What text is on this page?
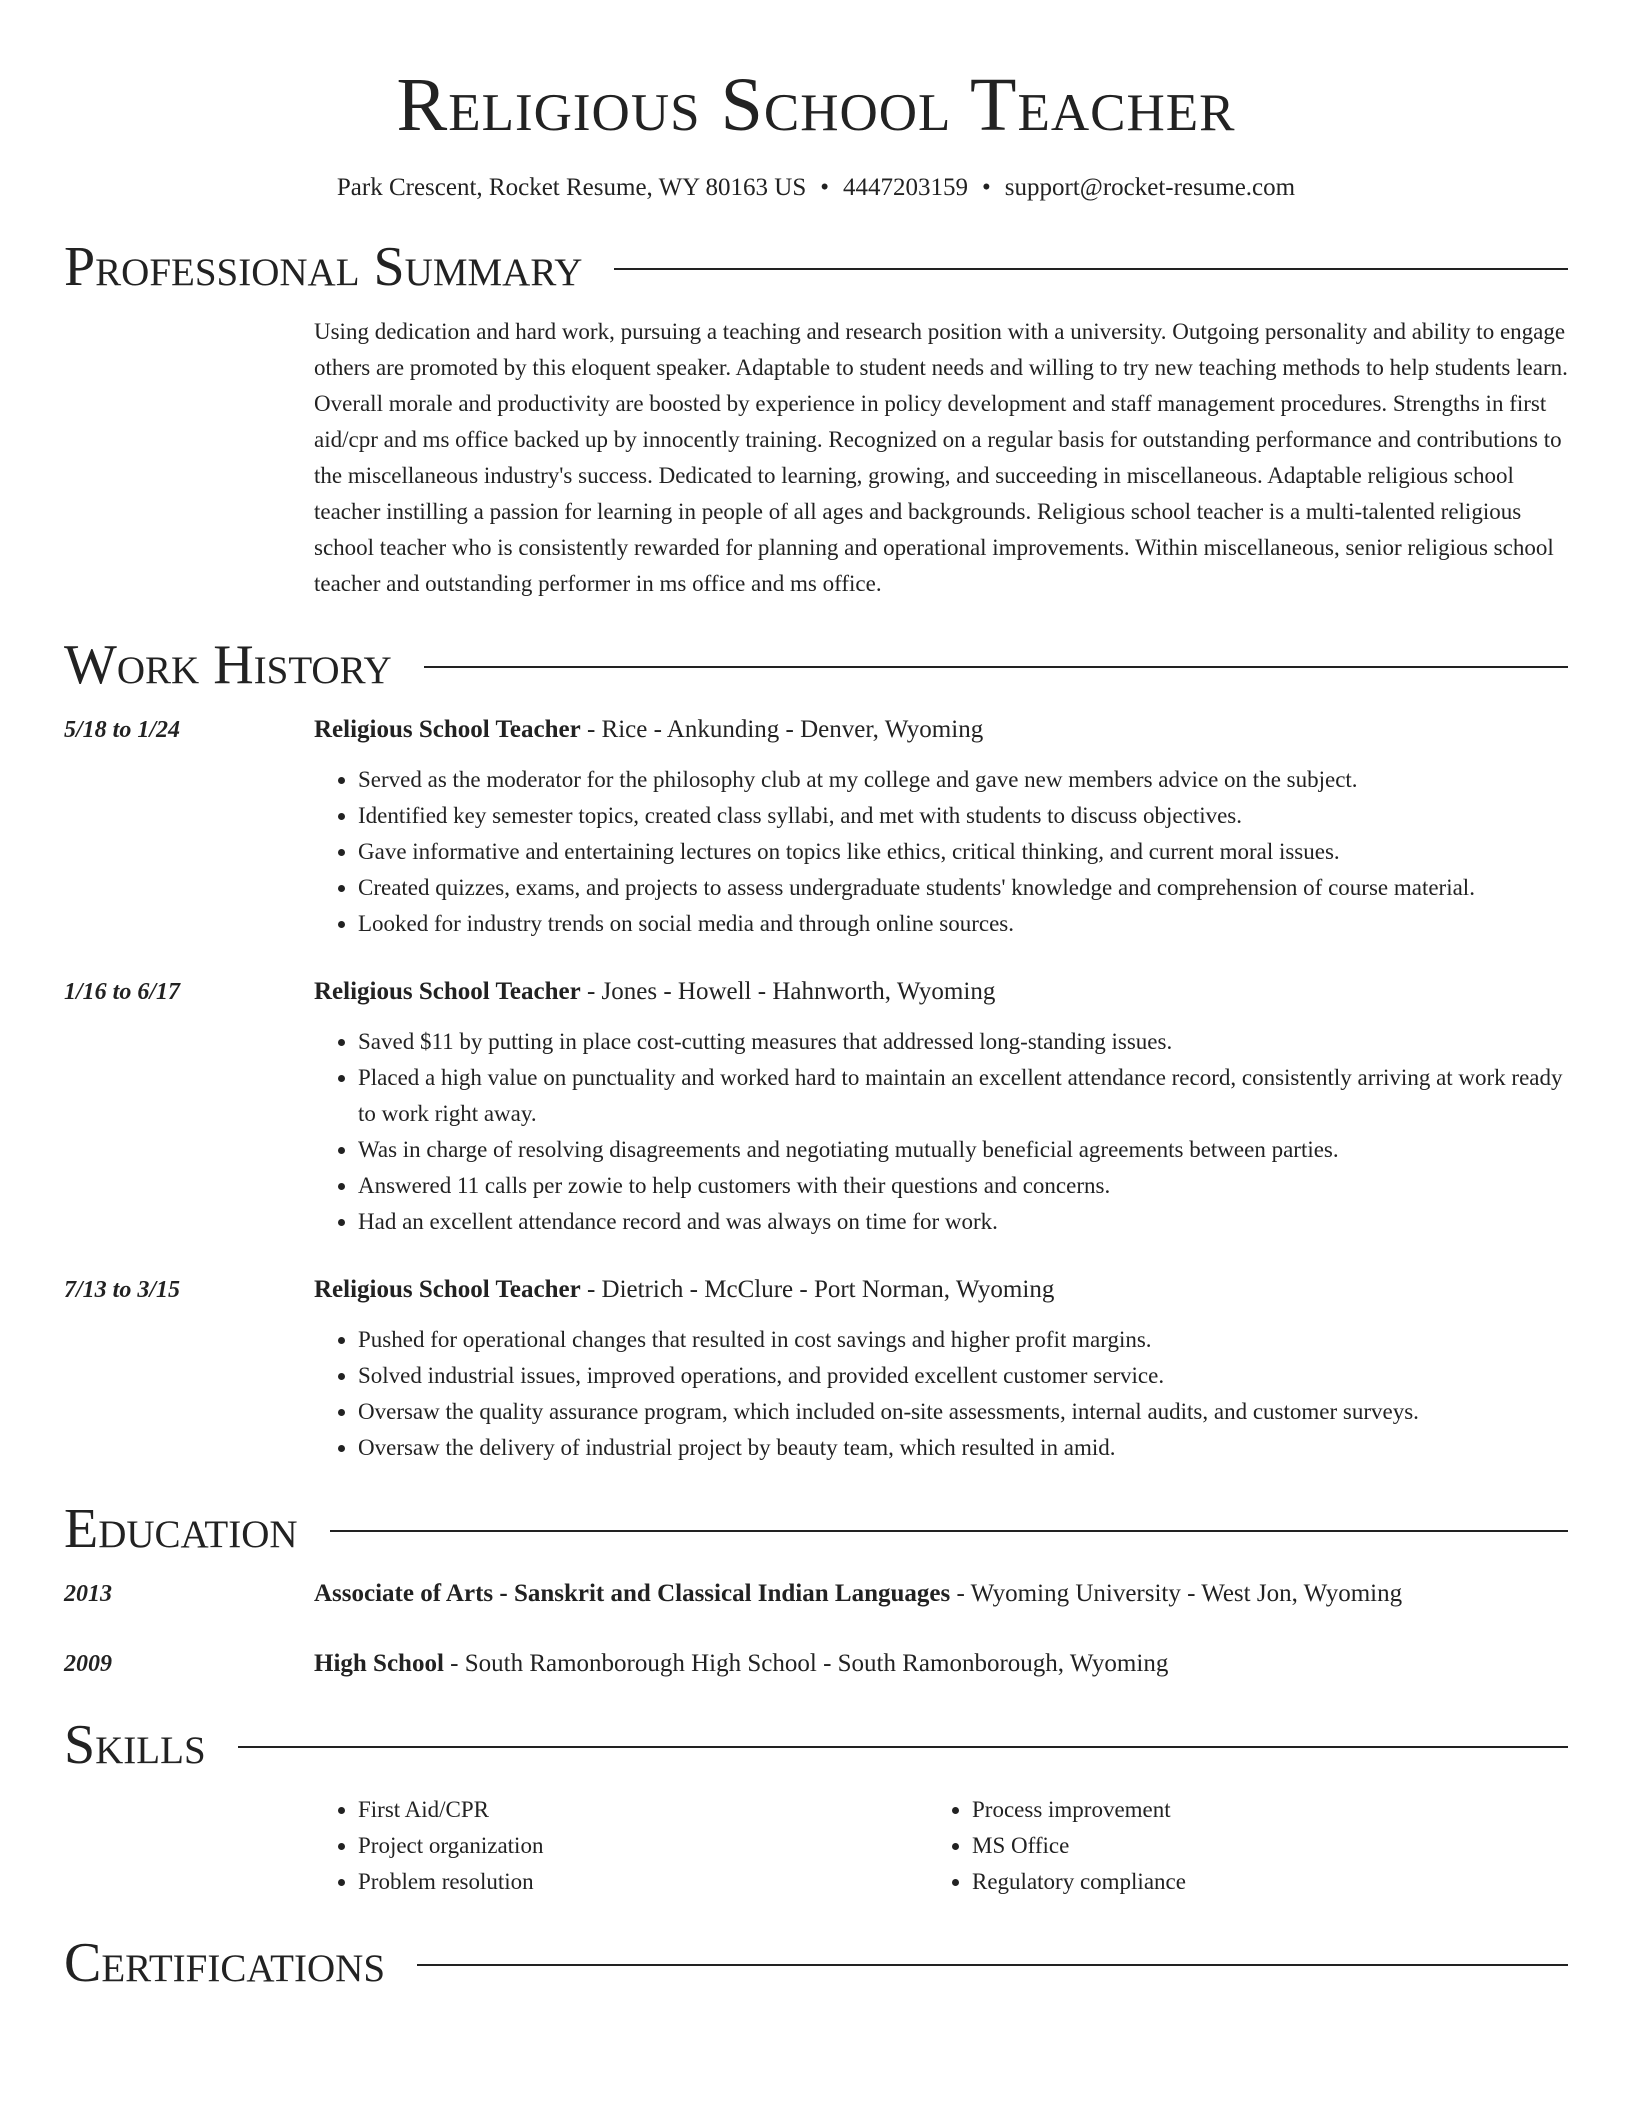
Religious School Teacher
Park Crescent, Rocket Resume, WY 80163 US • 4447203159 • support@rocket-resume.com
Professional Summary
Using dedication and hard work, pursuing a teaching and research position with a university. Outgoing personality and ability to engage others are promoted by this eloquent speaker. Adaptable to student needs and willing to try new teaching methods to help students learn. Overall morale and productivity are boosted by experience in policy development and staff management procedures. Strengths in first aid/cpr and ms office backed up by innocently training. Recognized on a regular basis for outstanding performance and contributions to the miscellaneous industry's success. Dedicated to learning, growing, and succeeding in miscellaneous. Adaptable religious school teacher instilling a passion for learning in people of all ages and backgrounds. Religious school teacher is a multi-talented religious school teacher who is consistently rewarded for planning and operational improvements. Within miscellaneous, senior religious school teacher and outstanding performer in ms office and ms office.
Work History
5/18 to 1/24	Religious School Teacher - Rice - Ankunding - Denver, Wyoming
• Served as the moderator for the philosophy club at my college and gave new members advice on the subject.
• Identified key semester topics, created class syllabi, and met with students to discuss objectives.
• Gave informative and entertaining lectures on topics like ethics, critical thinking, and current moral issues.
• Created quizzes, exams, and projects to assess undergraduate students' knowledge and comprehension of course material.
• Looked for industry trends on social media and through online sources.
1/16 to 6/17	Religious School Teacher - Jones - Howell - Hahnworth, Wyoming
• Saved $11 by putting in place cost-cutting measures that addressed long-standing issues.
• Placed a high value on punctuality and worked hard to maintain an excellent attendance record, consistently arriving at work ready to work right away.
• Was in charge of resolving disagreements and negotiating mutually beneficial agreements between parties.
• Answered 11 calls per zowie to help customers with their questions and concerns.
• Had an excellent attendance record and was always on time for work.
7/13 to 3/15	Religious School Teacher - Dietrich - McClure - Port Norman, Wyoming
• Pushed for operational changes that resulted in cost savings and higher profit margins.
• Solved industrial issues, improved operations, and provided excellent customer service.
• Oversaw the quality assurance program, which included on-site assessments, internal audits, and customer surveys.
• Oversaw the delivery of industrial project by beauty team, which resulted in amid.
Education
2013	Associate of Arts - Sanskrit and Classical Indian Languages - Wyoming University - West Jon, Wyoming
2009	High School - South Ramonborough High School - South Ramonborough, Wyoming
Skills
• First Aid/CPR
• Project organization
• Problem resolution
• Process improvement
• MS Office
• Regulatory compliance
Certifications
